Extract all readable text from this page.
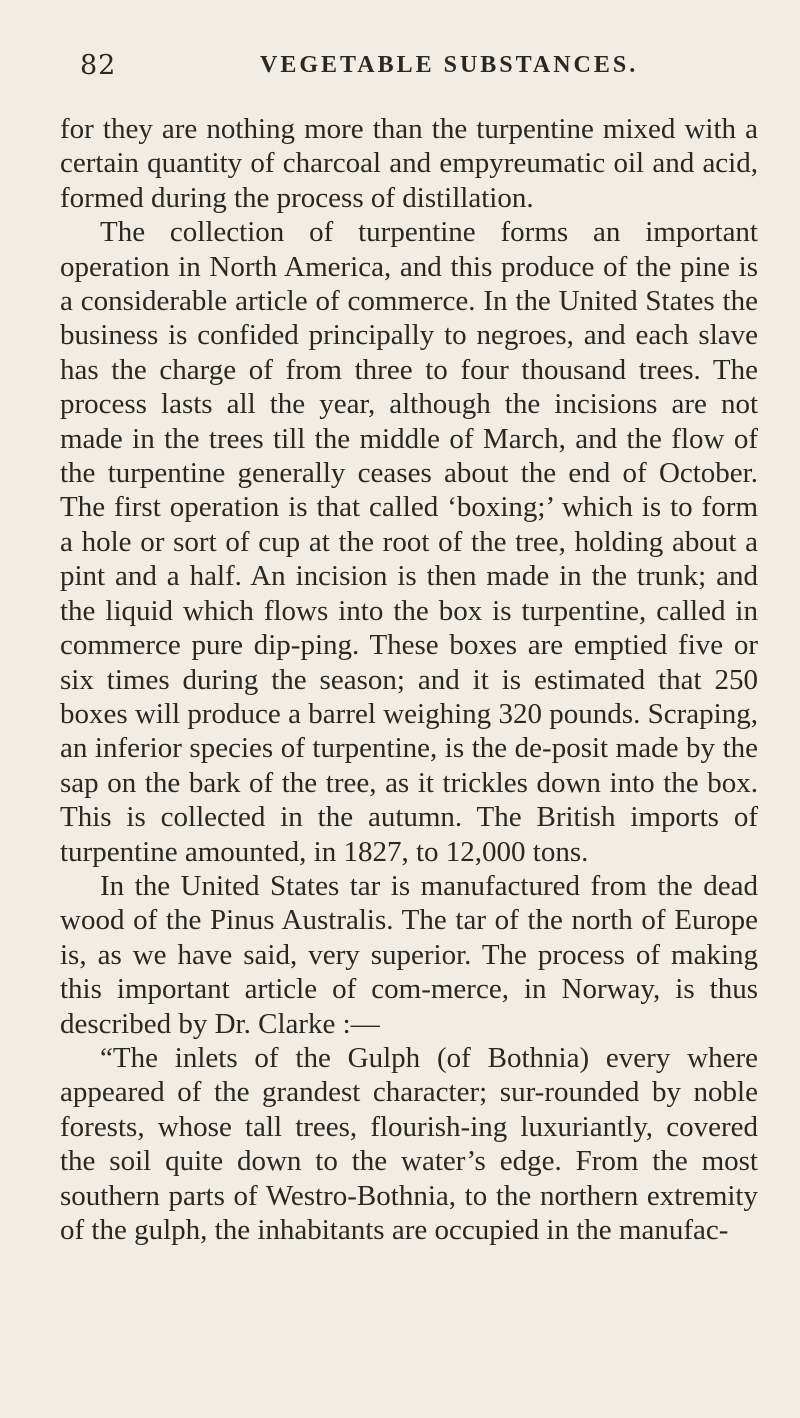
82	VEGETABLE SUBSTANCES.

for they are nothing more than the turpentine mixed with a certain quantity of charcoal and empyreumatic oil and acid, formed during the process of distillation.

The collection of turpentine forms an important operation in North America, and this produce of the pine is a considerable article of commerce. In the United States the business is confided principally to negroes, and each slave has the charge of from three to four thousand trees. The process lasts all the year, although the incisions are not made in the trees till the middle of March, and the flow of the turpentine generally ceases about the end of October. The first operation is that called ‘boxing;’ which is to form a hole or sort of cup at the root of the tree, holding about a pint and a half. An incision is then made in the trunk; and the liquid which flows into the box is turpentine, called in commerce pure dip-ping. These boxes are emptied five or six times during the season; and it is estimated that 250 boxes will produce a barrel weighing 320 pounds. Scraping, an inferior species of turpentine, is the de-posit made by the sap on the bark of the tree, as it trickles down into the box. This is collected in the autumn. The British imports of turpentine amounted, in 1827, to 12,000 tons.

In the United States tar is manufactured from the dead wood of the Pinus Australis. The tar of the north of Europe is, as we have said, very superior. The process of making this important article of com-merce, in Norway, is thus described by Dr. Clarke :—

“The inlets of the Gulph (of Bothnia) every where appeared of the grandest character; sur-rounded by noble forests, whose tall trees, flourish-ing luxuriantly, covered the soil quite down to the water’s edge. From the most southern parts of Westro-Bothnia, to the northern extremity of the gulph, the inhabitants are occupied in the manufac-
